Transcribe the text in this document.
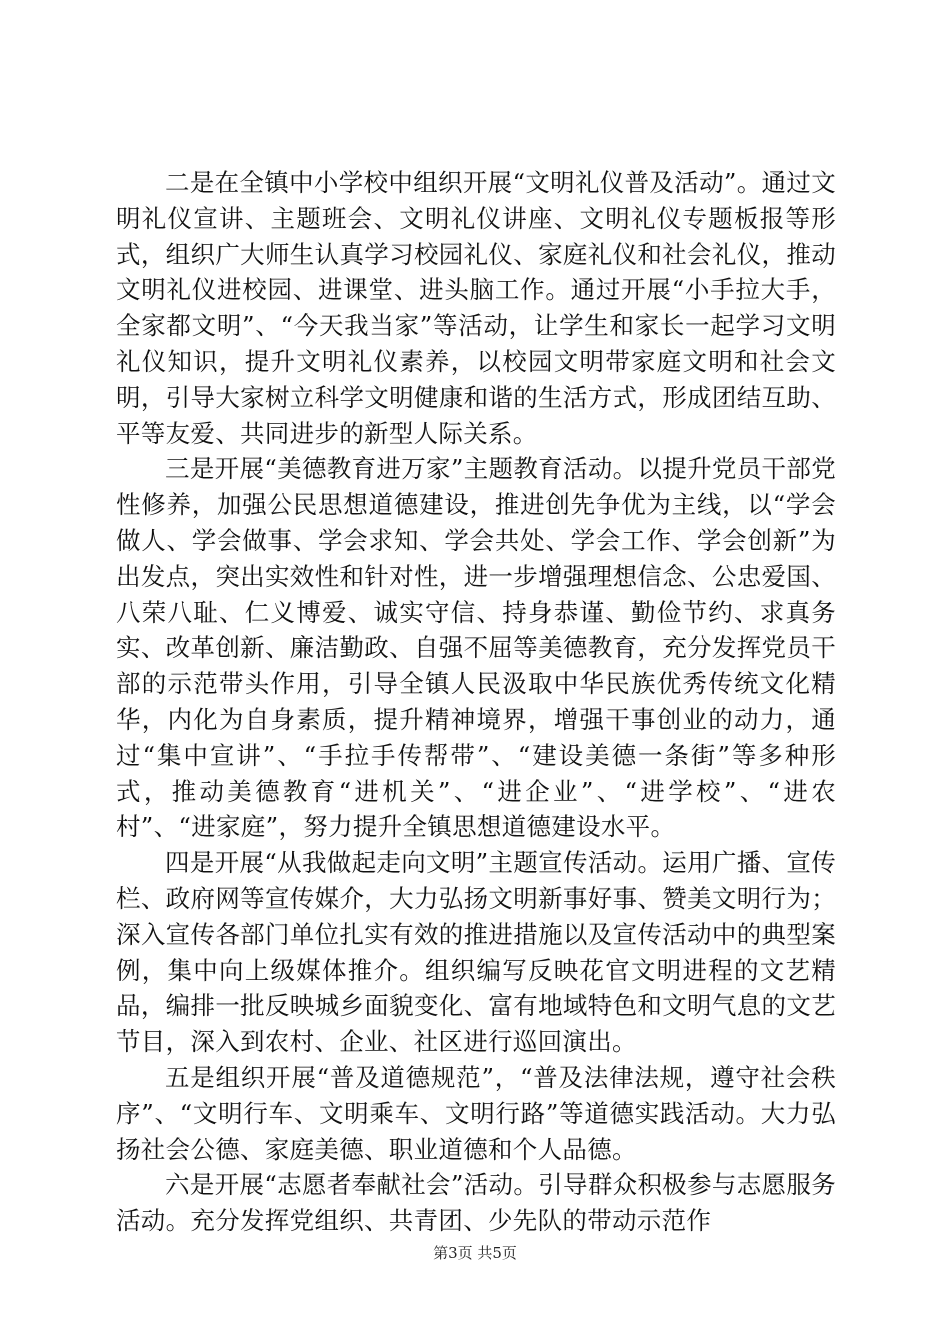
二是在全镇中小学校中组织开展“文明礼仪普及活动”。通过文明礼仪宣讲、主题班会、文明礼仪讲座、文明礼仪专题板报等形式，组织广大师生认真学习校园礼仪、家庭礼仪和社会礼仪，推动文明礼仪进校园、进课堂、进头脑工作。通过开展“小手拉大手，全家都文明”、“今天我当家”等活动，让学生和家长一起学习文明礼仪知识，提升文明礼仪素养，以校园文明带家庭文明和社会文明，引导大家树立科学文明健康和谐的生活方式，形成团结互助、平等友爱、共同进步的新型人际关系。

三是开展“美德教育进万家”主题教育活动。以提升党员干部党性修养，加强公民思想道德建设，推进创先争优为主线，以“学会做人、学会做事、学会求知、学会共处、学会工作、学会创新”为出发点，突出实效性和针对性，进一步增强理想信念、公忠爱国、八荣八耻、仁义博爱、诚实守信、持身恭谨、勤俭节约、求真务实、改革创新、廉洁勤政、自强不屈等美德教育，充分发挥党员干部的示范带头作用，引导全镇人民汲取中华民族优秀传统文化精华，内化为自身素质，提升精神境界，增强干事创业的动力，通过“集中宣讲”、“手拉手传帮带”、“建设美德一条街”等多种形式，推动美德教育“进机关”、“进企业”、“进学校”、“进农村”、“进家庭”，努力提升全镇思想道德建设水平。

四是开展“从我做起走向文明”主题宣传活动。运用广播、宣传栏、政府网等宣传媒介，大力弘扬文明新事好事、赞美文明行为；深入宣传各部门单位扎实有效的推进措施以及宣传活动中的典型案例，集中向上级媒体推介。组织编写反映花官文明进程的文艺精品，编排一批反映城乡面貌变化、富有地域特色和文明气息的文艺节目，深入到农村、企业、社区进行巡回演出。

五是组织开展“普及道德规范”，“普及法律法规，遵守社会秩序”、“文明行车、文明乘车、文明行路”等道德实践活动。大力弘扬社会公德、家庭美德、职业道德和个人品德。

六是开展“志愿者奉献社会”活动。引导群众积极参与志愿服务活动。充分发挥党组织、共青团、少先队的带动示范作

第3页 共5页
